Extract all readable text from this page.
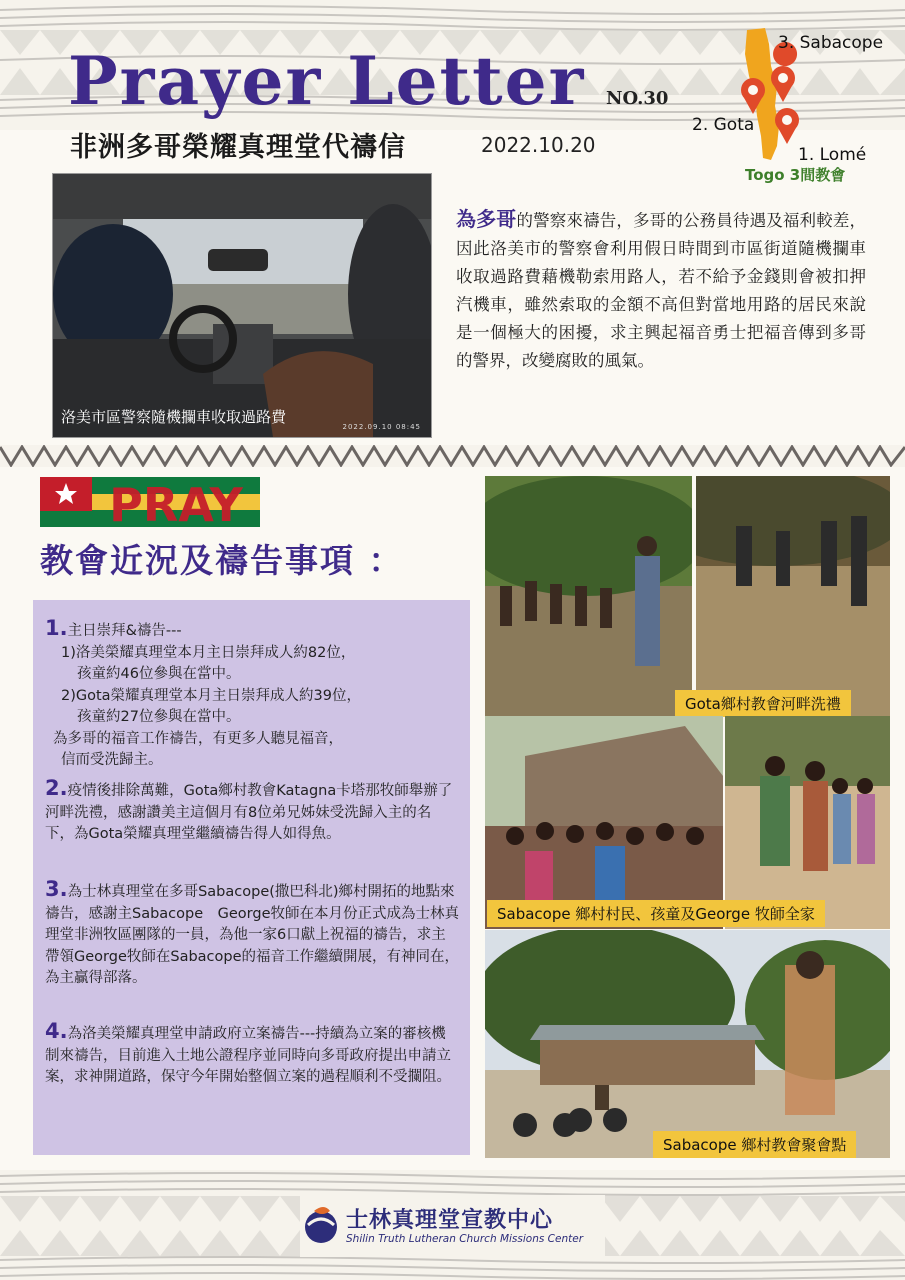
Prayer Letter NO.30
非洲多哥榮耀真理堂代禱信	2022.10.20
3. Sabacope
2. Gota
1. Lomé
Togo 3間教會
洛美市區警察隨機攔車收取過路費
2022.09.10 08:45
為多哥的警察來禱告，多哥的公務員待遇及福利較差，因此洛美市的警察會利用假日時間到市區街道隨機攔車收取過路費藉機勒索用路人，若不給予金錢則會被扣押汽機車，雖然索取的金額不高但對當地用路的居民來說是一個極大的困擾，求主興起福音勇士把福音傳到多哥的警界，改變腐敗的風氣。
PRAY
教會近況及禱告事項 ：
1.主日崇拜&禱告---
1)洛美榮耀真理堂本月主日崇拜成人約82位，
孩童約46位參與在當中。
2)Gota榮耀真理堂本月主日崇拜成人約39位，
孩童約27位參與在當中。
為多哥的福音工作禱告，有更多人聽見福音，
信而受洗歸主。
2.疫情後排除萬難，Gota鄉村教會Katagna卡塔那牧師舉辦了河畔洗禮，感謝讚美主這個月有8位弟兄姊妹受洗歸入主的名下，為Gota榮耀真理堂繼續禱告得人如得魚。
3.為士林真理堂在多哥Sabacope(撒巴科北)鄉村開拓的地點來禱告，感謝主Sabacope　George牧師在本月份正式成為士林真理堂非洲牧區團隊的一員，為他一家6口獻上祝福的禱告，求主帶領George牧師在Sabacope的福音工作繼續開展，有神同在，為主贏得部落。
4.為洛美榮耀真理堂申請政府立案禱告---持續為立案的審核機制來禱告，目前進入土地公證程序並同時向多哥政府提出申請立案，求神開道路，保守今年開始整個立案的過程順利不受攔阻。
Gota鄉村教會河畔洗禮
Sabacope 鄉村村民、孩童及George 牧師全家
Sabacope 鄉村教會聚會點
士林真理堂宣教中心
Shilin Truth Lutheran Church Missions Center
